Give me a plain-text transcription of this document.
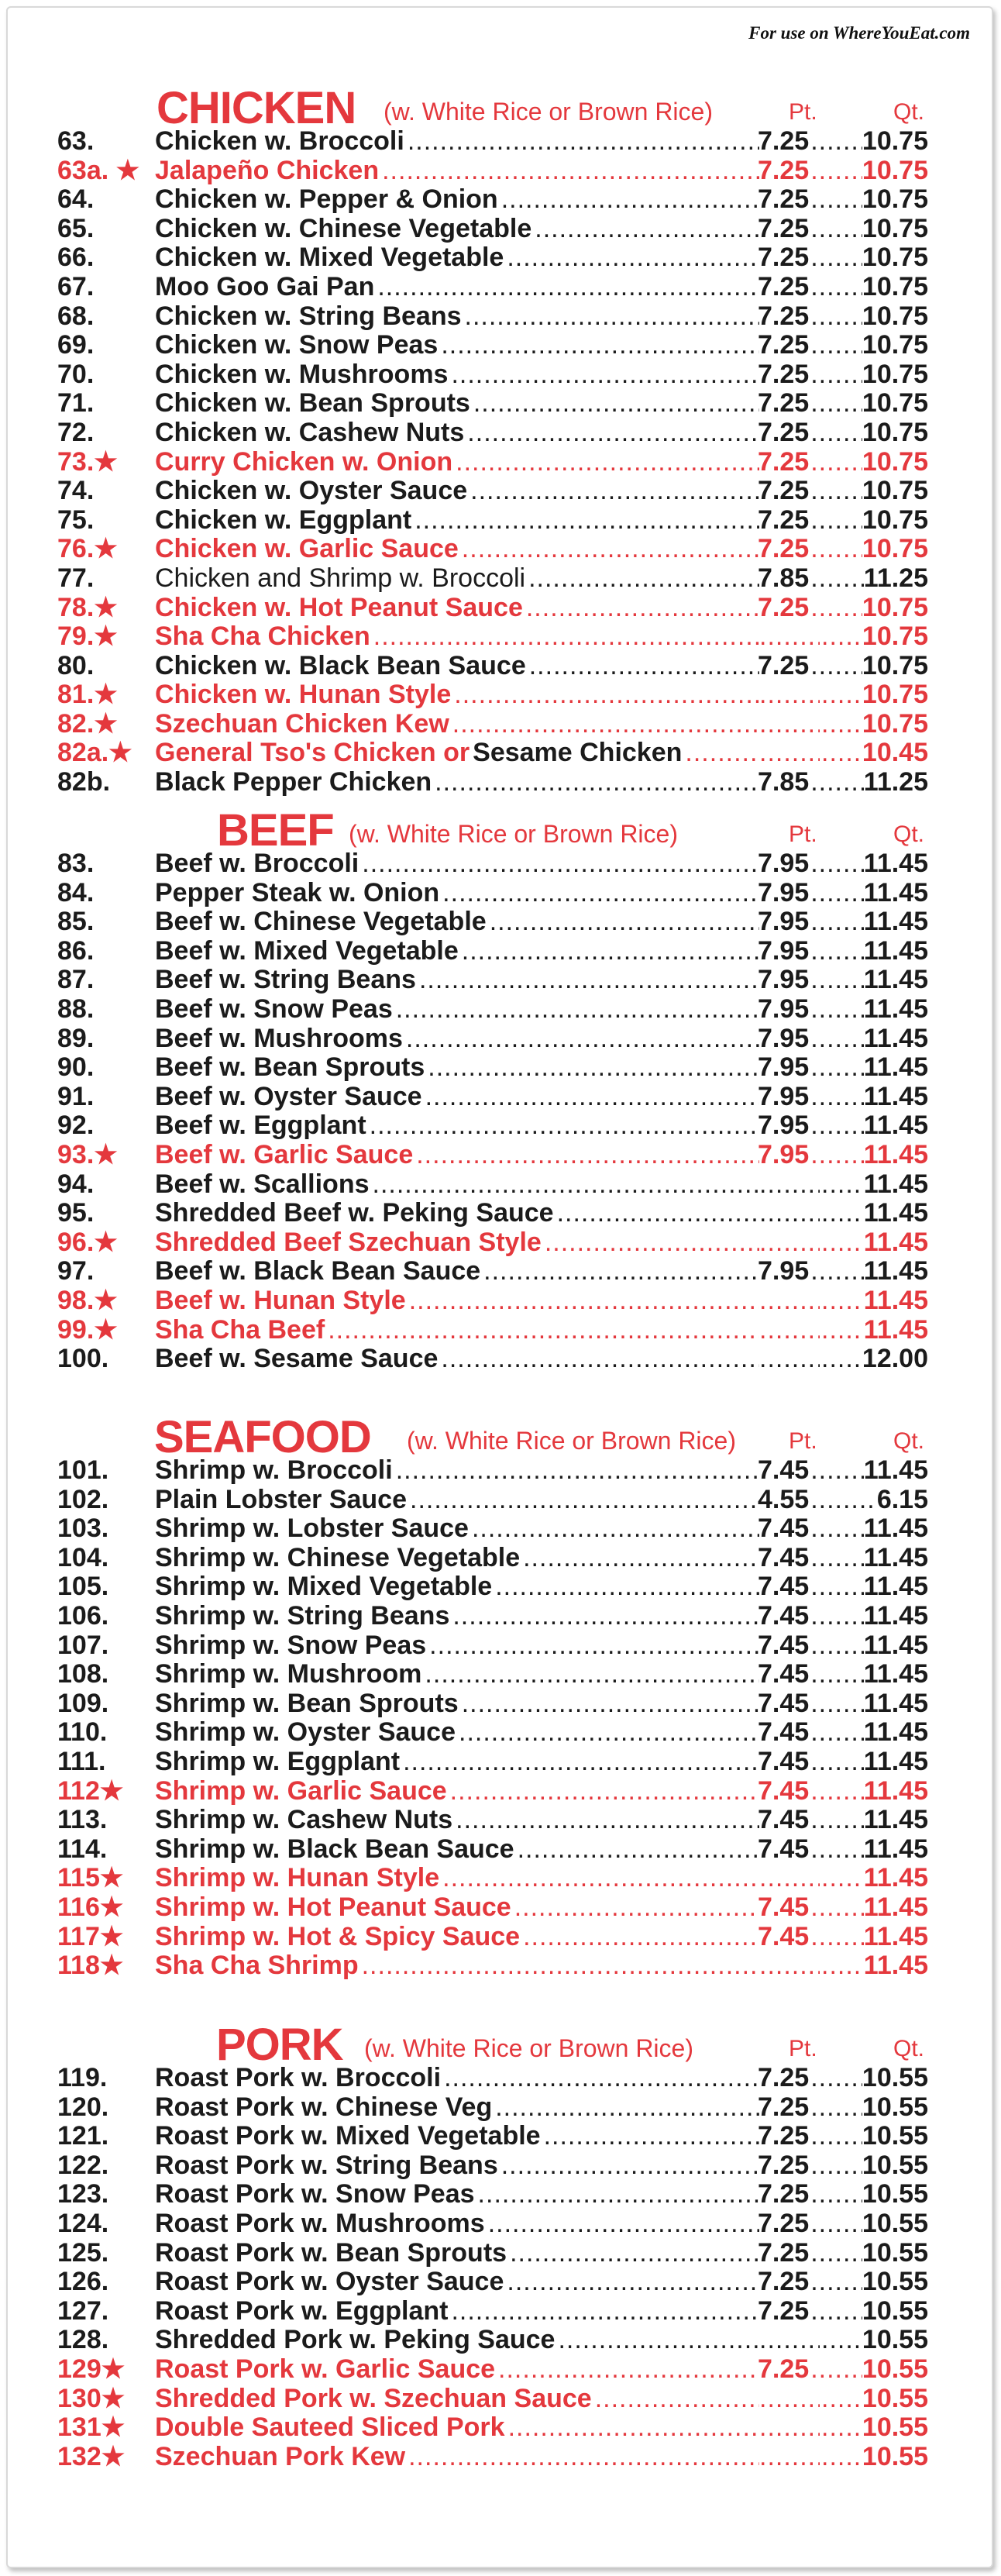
For use on WhereYouEat.com
CHICKEN (w. White Rice or Brown Rice)	Pt.	Qt.
63. Chicken w. Broccoli .....	7.25 ..... 10.75
63a. ★ Jalapeño Chicken .....	7.25 ..... 10.75
64. Chicken w. Pepper & Onion .....	7.25 ..... 10.75
65. Chicken w. Chinese Vegetable .....	7.25 ..... 10.75
66. Chicken w. Mixed Vegetable .....	7.25 ..... 10.75
67. Moo Goo Gai Pan .....	7.25 ..... 10.75
68. Chicken w. String Beans .....	7.25 ..... 10.75
69. Chicken w. Snow Peas .....	7.25 ..... 10.75
70. Chicken w. Mushrooms .....	7.25 ..... 10.75
71. Chicken w. Bean Sprouts .....	7.25 ..... 10.75
72. Chicken w. Cashew Nuts .....	7.25 ..... 10.75
73.★ Curry Chicken w. Onion .....	7.25 ..... 10.75
74. Chicken w. Oyster Sauce .....	7.25 ..... 10.75
75. Chicken w. Eggplant .....	7.25 ..... 10.75
76.★ Chicken w. Garlic Sauce .....	7.25 ..... 10.75
77. Chicken and Shrimp w. Broccoli .....	7.85 ..... 11.25
78.★ Chicken w. Hot Peanut Sauce .....	7.25 ..... 10.75
79.★ Sha Cha Chicken ..... ..... .....	10.75
80. Chicken w. Black Bean Sauce .....	7.25 ..... 10.75
81.★ Chicken w. Hunan Style ..... ..... .....	10.75
82.★ Szechuan Chicken Kew ..... ..... .....	10.75
82a.★ General Tso's Chicken or Sesame Chicken ..... ..... .....	10.45
82b. Black Pepper Chicken .....	7.85 ..... 11.25
BEEF (w. White Rice or Brown Rice)	Pt.	Qt.
83. Beef w. Broccoli .....	7.95 ..... 11.45
84. Pepper Steak w. Onion .....	7.95 ..... 11.45
85. Beef w. Chinese Vegetable .....	7.95 ..... 11.45
86. Beef w. Mixed Vegetable .....	7.95 ..... 11.45
87. Beef w. String Beans .....	7.95 ..... 11.45
88. Beef w. Snow Peas .....	7.95 ..... 11.45
89. Beef w. Mushrooms .....	7.95 ..... 11.45
90. Beef w. Bean Sprouts .....	7.95 ..... 11.45
91. Beef w. Oyster Sauce .....	7.95 ..... 11.45
92. Beef w. Eggplant .....	7.95 ..... 11.45
93.★ Beef w. Garlic Sauce .....	7.95 ..... 11.45
94. Beef w. Scallions ..... ..... .....	11.45
95. Shredded Beef w. Peking Sauce ..... ..... .....	11.45
96.★ Shredded Beef Szechuan Style ..... ..... .....	11.45
97. Beef w. Black Bean Sauce .....	7.95 ..... 11.45
98.★ Beef w. Hunan Style ..... ..... .....	11.45
99.★ Sha Cha Beef ..... ..... .....	11.45
100. Beef w. Sesame Sauce ..... ..... .....	12.00
SEAFOOD (w. White Rice or Brown Rice) Pt.	Qt.
101. Shrimp w. Broccoli .....	7.45 ..... 11.45
102. Plain Lobster Sauce .....	4.55 .....	6.15
103. Shrimp w. Lobster Sauce .....	7.45 ..... 11.45
104. Shrimp w. Chinese Vegetable .....	7.45 ..... 11.45
105. Shrimp w. Mixed Vegetable .....	7.45 ..... 11.45
106. Shrimp w. String Beans .....	7.45 ..... 11.45
107. Shrimp w. Snow Peas .....	7.45 ..... 11.45
108. Shrimp w. Mushroom .....	7.45 ..... 11.45
109. Shrimp w. Bean Sprouts .....	7.45 ..... 11.45
110. Shrimp w. Oyster Sauce .....	7.45 ..... 11.45
111. Shrimp w. Eggplant .....	7.45 ..... 11.45
112★ Shrimp w. Garlic Sauce .....	7.45 ..... 11.45
113. Shrimp w. Cashew Nuts .....	7.45 ..... 11.45
114. Shrimp w. Black Bean Sauce .....	7.45 ..... 11.45
115★ Shrimp w. Hunan Style ..... ..... .....	11.45
116★ Shrimp w. Hot Peanut Sauce .....	7.45 ..... 11.45
117★ Shrimp w. Hot & Spicy Sauce .....	7.45 ..... 11.45
118★ Sha Cha Shrimp ..... ..... .....	11.45
PORK (w. White Rice or Brown Rice)	Pt.	Qt.
119. Roast Pork w. Broccoli .....	7.25 ..... 10.55
120. Roast Pork w. Chinese Veg .....	7.25 ..... 10.55
121. Roast Pork w. Mixed Vegetable .....	7.25 ..... 10.55
122. Roast Pork w. String Beans .....	7.25 ..... 10.55
123. Roast Pork w. Snow Peas .....	7.25 ..... 10.55
124. Roast Pork w. Mushrooms .....	7.25 ..... 10.55
125. Roast Pork w. Bean Sprouts .....	7.25 ..... 10.55
126. Roast Pork w. Oyster Sauce .....	7.25 ..... 10.55
127. Roast Pork w. Eggplant .....	7.25 ..... 10.55
128. Shredded Pork w. Peking Sauce ..... ..... .....	10.55
129★ Roast Pork w. Garlic Sauce .....	7.25 ..... 10.55
130★ Shredded Pork w. Szechuan Sauce ..... ..... .....	10.55
131★ Double Sauteed Sliced Pork ..... ..... .....	10.55
132★ Szechuan Pork Kew ..... ..... .....	10.55
